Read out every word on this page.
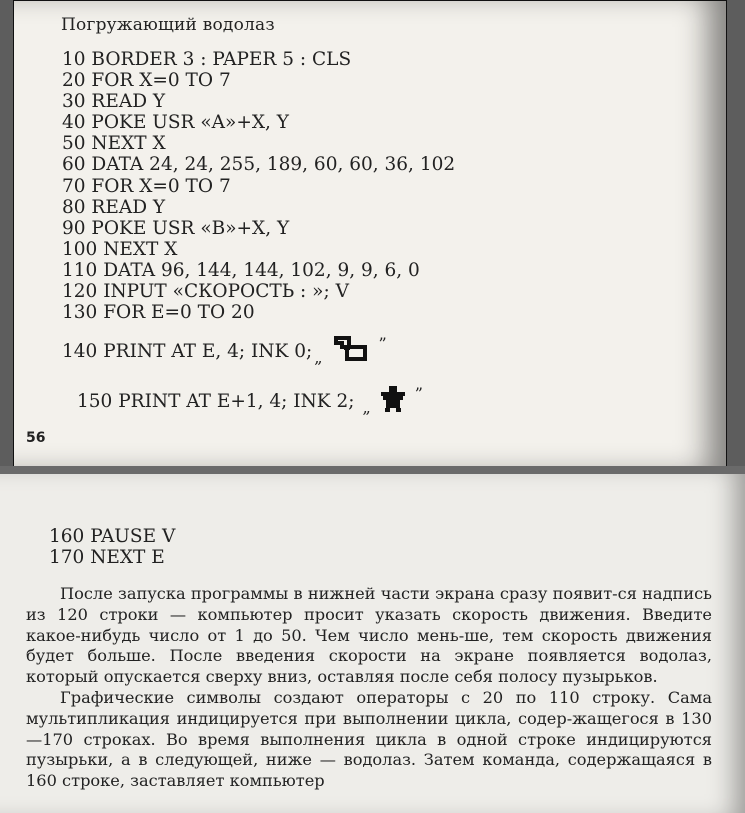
Погружающий водолаз
10 BORDER 3 : PAPER 5 : CLS
20 FOR X=0 TO 7
30 READ Y
40 POKE USR «A»+X, Y
50 NEXT X
60 DATA 24, 24, 255, 189, 60, 60, 36, 102
70 FOR X=0 TO 7
80 READ Y
90 POKE USR «B»+X, Y
100 NEXT X
110 DATA 96, 144, 144, 102, 9, 9, 6, 0
120 INPUT «СКОРОСТЬ : »; V
130 FOR E=0 TO 20
140 PRINT AT E, 4; INK 0; „
”
150 PRINT AT E+1, 4; INK 2; „
”
56
160 PAUSE V
170 NEXT E

После запуска программы в нижней части экрана сразу появит-ся надпись из 120 строки — компьютер просит указать скорость движения. Введите какое-нибудь число от 1 до 50. Чем число мень-ше, тем скорость движения будет больше. После введения скорости на экране появляется водолаз, который опускается сверху вниз, оставляя после себя полосу пузырьков.

Графические символы создают операторы с 20 по 110 строку. Сама мультипликация индицируется при выполнении цикла, содер-жащегося в 130—170 строках. Во время выполнения цикла в одной строке индицируются пузырьки, а в следующей, ниже — водолаз. Затем команда, содержащаяся в 160 строке, заставляет компьютер
